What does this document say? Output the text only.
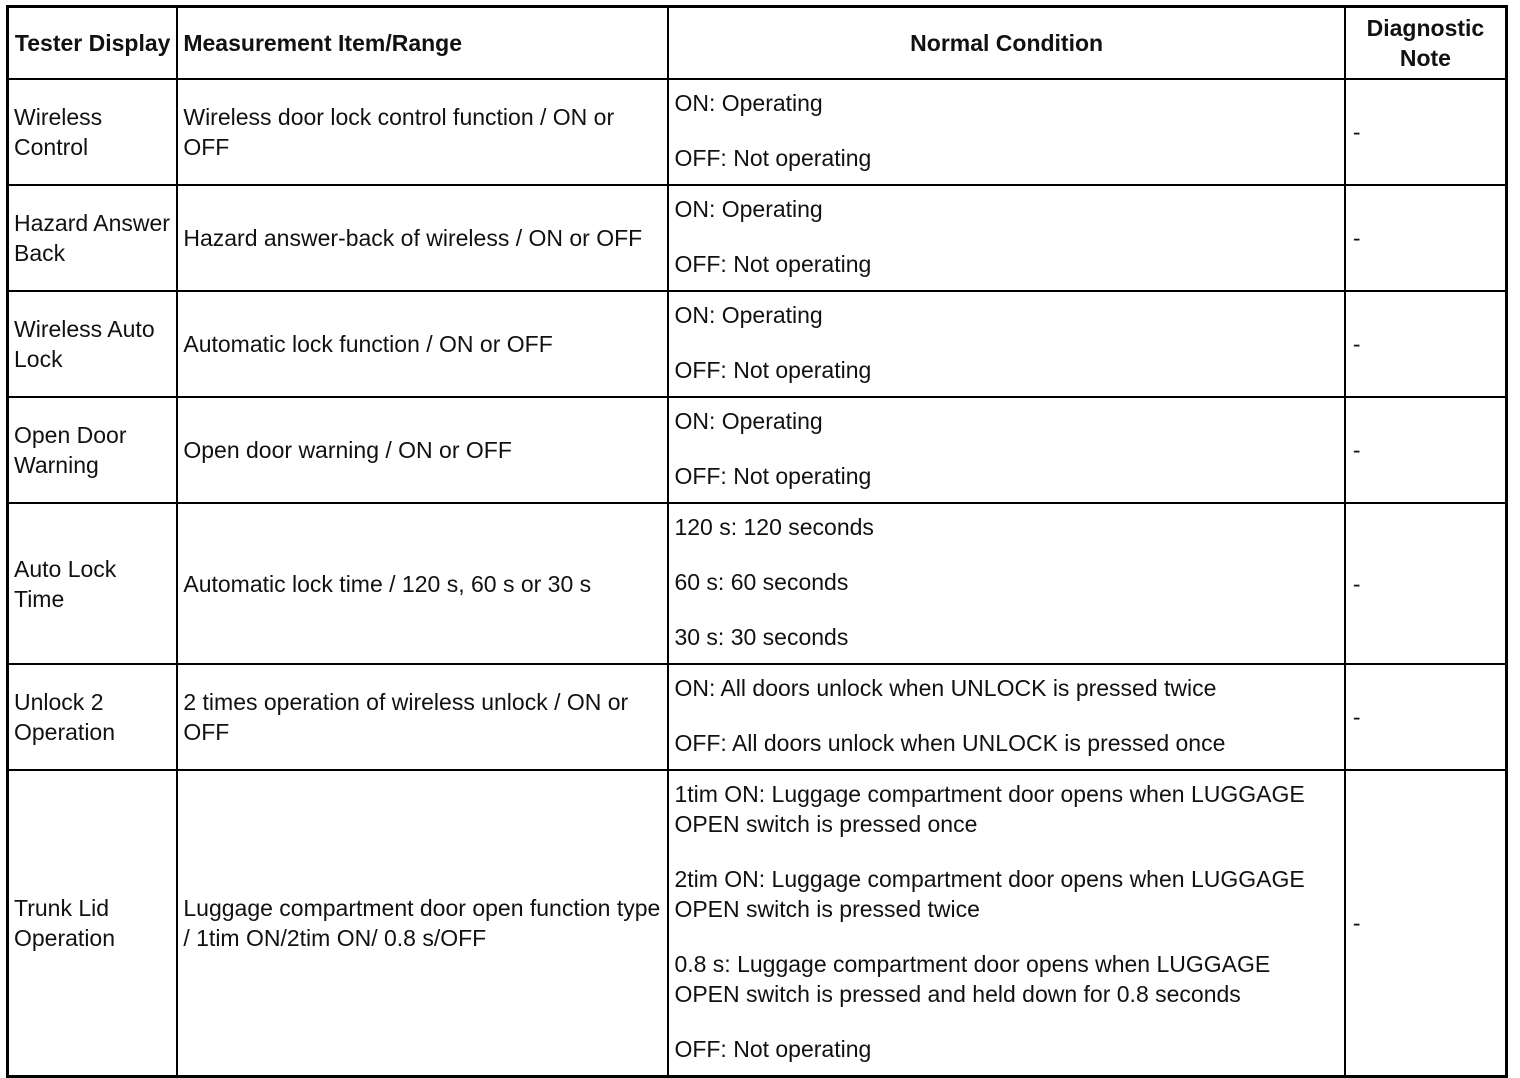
Tester Display	Measurement Item/Range	Normal Condition	Diagnostic Note
Wireless Control	Wireless door lock control function / ON or OFF	ON: Operating

OFF: Not operating	-
Hazard Answer Back	Hazard answer-back of wireless / ON or OFF	ON: Operating

OFF: Not operating	-
Wireless Auto Lock	Automatic lock function / ON or OFF	ON: Operating

OFF: Not operating	-
Open Door Warning	Open door warning / ON or OFF	ON: Operating

OFF: Not operating	-
Auto Lock Time	Automatic lock time / 120 s, 60 s or 30 s	120 s: 120 seconds

60 s: 60 seconds

30 s: 30 seconds	-
Unlock 2 Operation	2 times operation of wireless unlock / ON or OFF	ON: All doors unlock when UNLOCK is pressed twice

OFF: All doors unlock when UNLOCK is pressed once	-
Trunk Lid Operation	Luggage compartment door open function type / 1tim ON/2tim ON/ 0.8 s/OFF	1tim ON: Luggage compartment door opens when LUGGAGE OPEN switch is pressed once

2tim ON: Luggage compartment door opens when LUGGAGE OPEN switch is pressed twice

0.8 s: Luggage compartment door opens when LUGGAGE OPEN switch is pressed and held down for 0.8 seconds

OFF: Not operating	-
